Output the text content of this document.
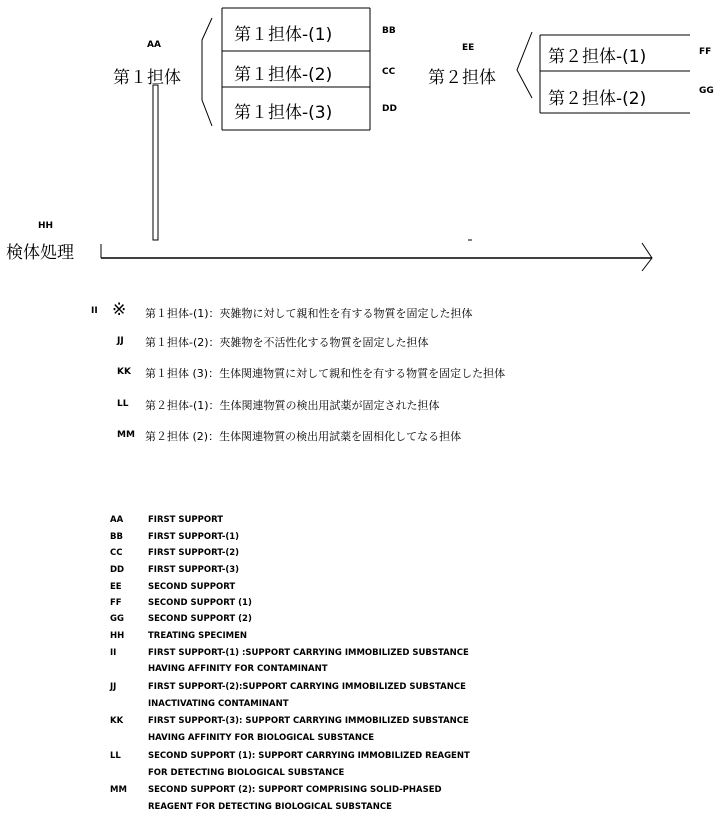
AA
第１担体
第１担体-(1)	BB
第１担体-(2)	CC
第１担体-(3)	DD
EE
第２担体
第２担体-(1)	FF
第２担体-(2)	GG
HH
検体処理
II ※ 第１担体-(1)：夾雑物に対して親和性を有する物質を固定した担体
JJ 第１担体-(2)：夾雑物を不活性化する物質を固定した担体
KK 第１担体 (3)：生体関連物質に対して親和性を有する物質を固定した担体
LL 第２担体-(1)：生体関連物質の検出用試薬が固定された担体
MM 第２担体 (2)：生体関連物質の検出用試薬を固相化してなる担体
AA	FIRST SUPPORT
BB	FIRST SUPPORT-(1)
CC	FIRST SUPPORT-(2)
DD	FIRST SUPPORT-(3)
EE	SECOND SUPPORT
FF	SECOND SUPPORT (1)
GG	SECOND SUPPORT (2)
HH	TREATING SPECIMEN
II	FIRST SUPPORT-(1) :SUPPORT CARRYING IMMOBILIZED SUBSTANCE
HAVING AFFINITY FOR CONTAMINANT
JJ	FIRST SUPPORT-(2):SUPPORT CARRYING IMMOBILIZED SUBSTANCE
INACTIVATING CONTAMINANT
KK	FIRST SUPPORT-(3): SUPPORT CARRYING IMMOBILIZED SUBSTANCE
HAVING AFFINITY FOR BIOLOGICAL SUBSTANCE
LL	SECOND SUPPORT (1): SUPPORT CARRYING IMMOBILIZED REAGENT
FOR DETECTING BIOLOGICAL SUBSTANCE
MM SECOND SUPPORT (2): SUPPORT COMPRISING SOLID-PHASED
REAGENT FOR DETECTING BIOLOGICAL SUBSTANCE
